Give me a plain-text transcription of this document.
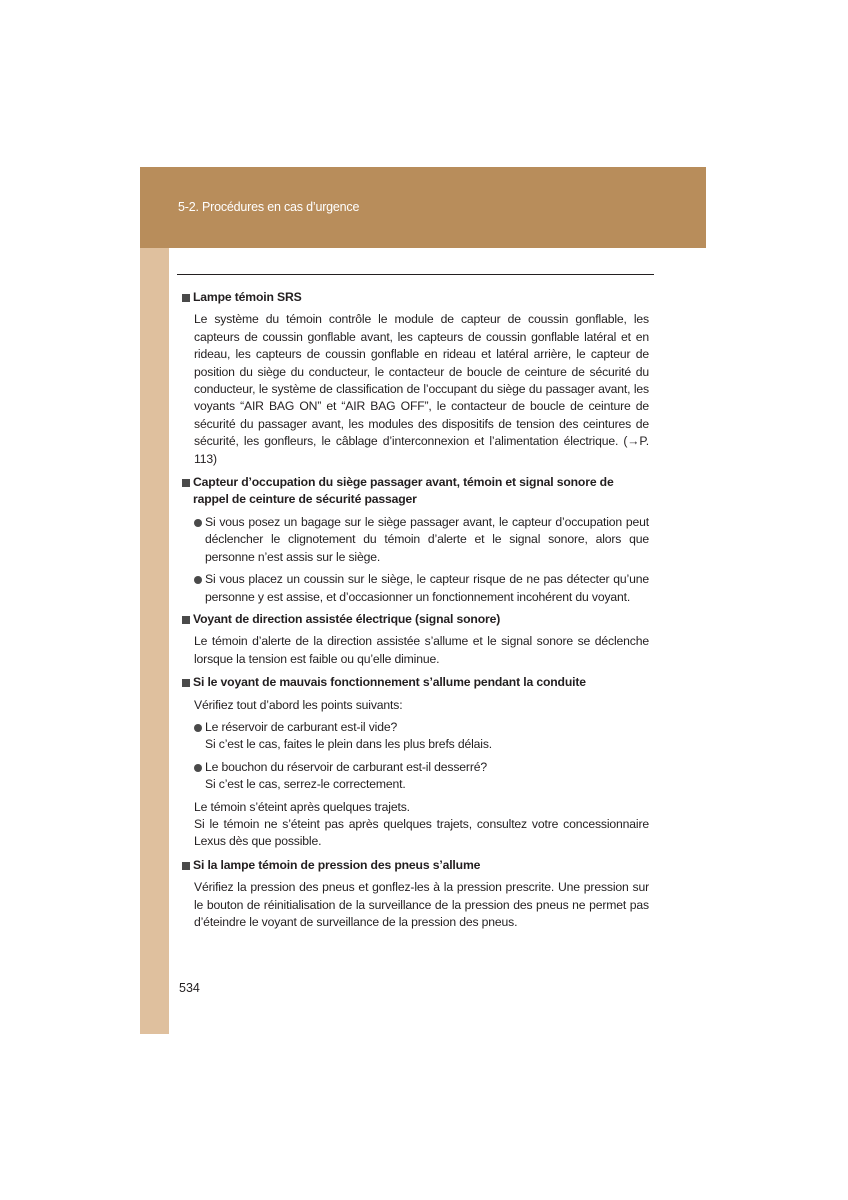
5-2. Procédures en cas d’urgence
Lampe témoin SRS
Le système du témoin contrôle le module de capteur de coussin gonflable, les capteurs de coussin gonflable avant, les capteurs de coussin gonflable latéral et en rideau, les capteurs de coussin gonflable en rideau et latéral arrière, le capteur de position du siège du conducteur, le contacteur de boucle de ceinture de sécurité du conducteur, le système de classification de l’occupant du siège du passager avant, les voyants “AIR BAG ON” et “AIR BAG OFF”, le contacteur de boucle de ceinture de sécurité du passager avant, les modules des dispositifs de tension des ceintures de sécurité, les gonfleurs, le câblage d’interconnexion et l’alimentation électrique. (→P. 113)
Capteur d’occupation du siège passager avant, témoin et signal sonore de rappel de ceinture de sécurité passager
Si vous posez un bagage sur le siège passager avant, le capteur d’occupation peut déclencher le clignotement du témoin d’alerte et le signal sonore, alors que personne n’est assis sur le siège.
Si vous placez un coussin sur le siège, le capteur risque de ne pas détecter qu’une personne y est assise, et d’occasionner un fonctionnement incohérent du voyant.
Voyant de direction assistée électrique (signal sonore)
Le témoin d’alerte de la direction assistée s’allume et le signal sonore se déclenche lorsque la tension est faible ou qu’elle diminue.
Si le voyant de mauvais fonctionnement s’allume pendant la conduite
Vérifiez tout d’abord les points suivants:
Le réservoir de carburant est-il vide?
Si c’est le cas, faites le plein dans les plus brefs délais.
Le bouchon du réservoir de carburant est-il desserré?
Si c’est le cas, serrez-le correctement.
Le témoin s’éteint après quelques trajets.
Si le témoin ne s’éteint pas après quelques trajets, consultez votre concessionnaire Lexus dès que possible.
Si la lampe témoin de pression des pneus s’allume
Vérifiez la pression des pneus et gonflez-les à la pression prescrite. Une pression sur le bouton de réinitialisation de la surveillance de la pression des pneus ne permet pas d’éteindre le voyant de surveillance de la pression des pneus.
534
